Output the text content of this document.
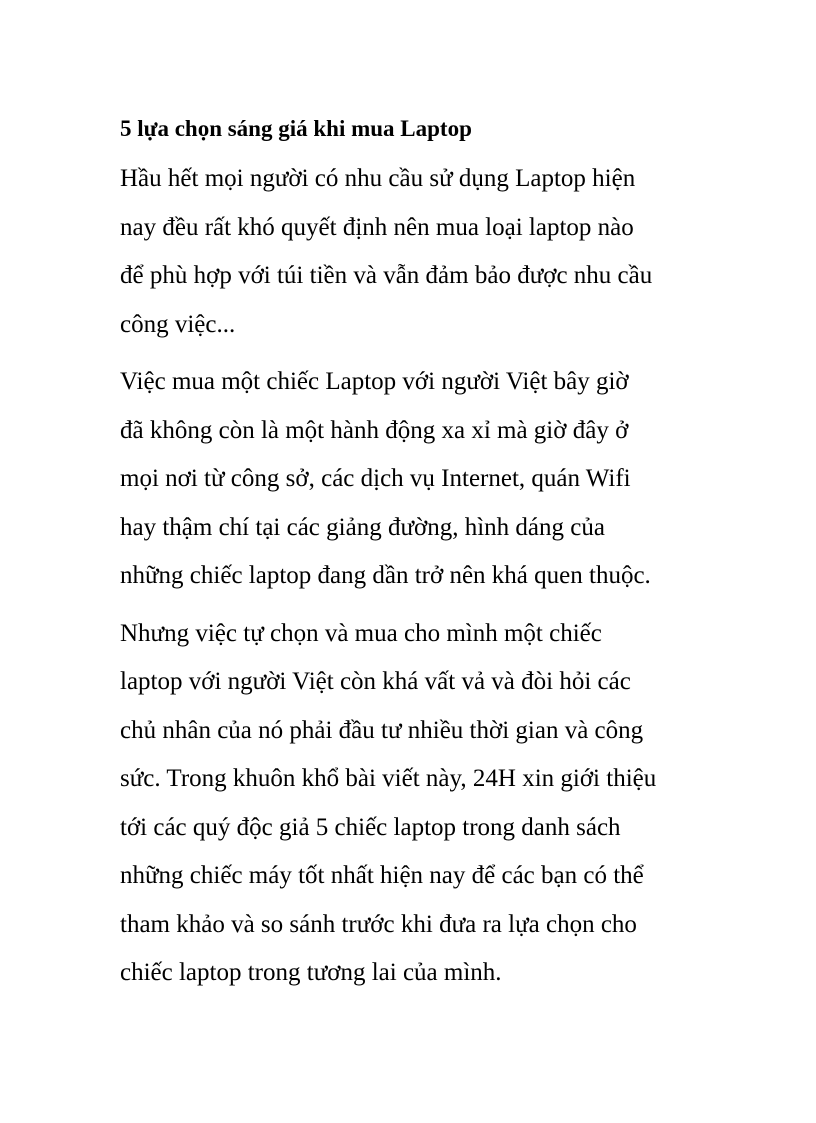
5 lựa chọn sáng giá khi mua Laptop
Hầu hết mọi người có nhu cầu sử dụng Laptop hiện
nay đều rất khó quyết định nên mua loại laptop nào
để phù hợp với túi tiền và vẫn đảm bảo được nhu cầu
công việc...
Việc mua một chiếc Laptop với người Việt bây giờ
đã không còn là một hành động xa xỉ mà giờ đây ở
mọi nơi từ công sở, các dịch vụ Internet, quán Wifi
hay thậm chí tại các giảng đường, hình dáng của
những chiếc laptop đang dần trở nên khá quen thuộc.
Nhưng việc tự chọn và mua cho mình một chiếc
laptop với người Việt còn khá vất vả và đòi hỏi các
chủ nhân của nó phải đầu tư nhiều thời gian và công
sức. Trong khuôn khổ bài viết này, 24H xin giới thiệu
tới các quý độc giả 5 chiếc laptop trong danh sách
những chiếc máy tốt nhất hiện nay để các bạn có thể
tham khảo và so sánh trước khi đưa ra lựa chọn cho
chiếc laptop trong tương lai của mình.
